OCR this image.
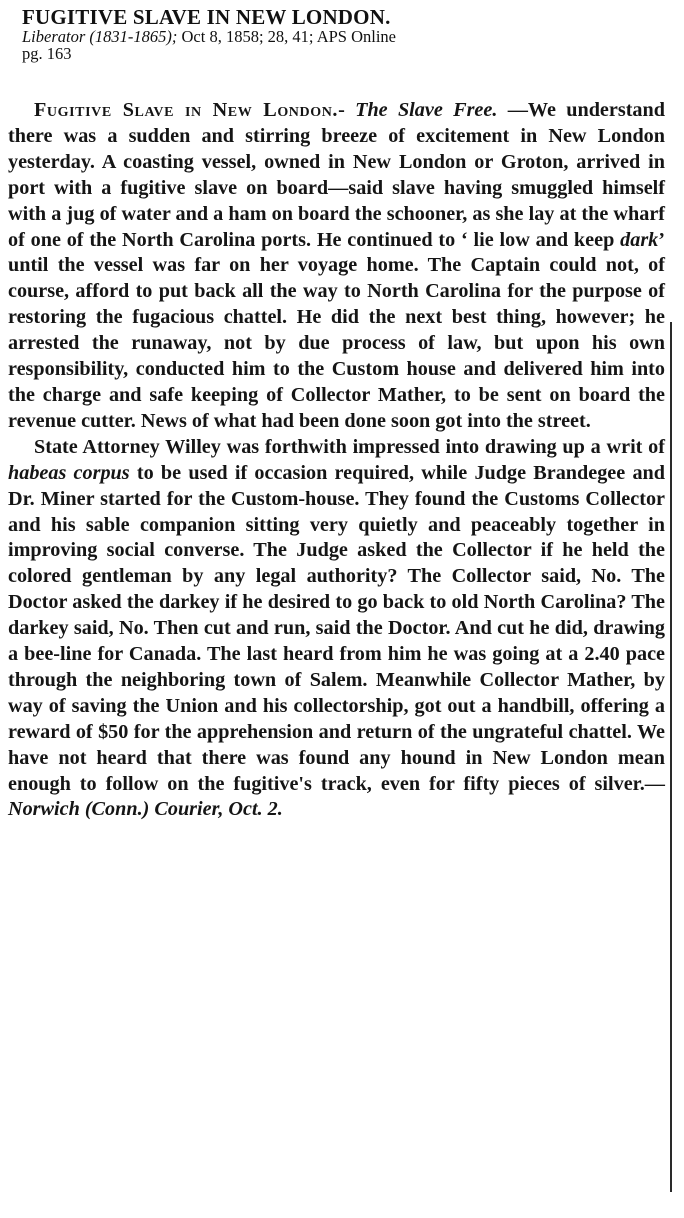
FUGITIVE SLAVE IN NEW LONDON.

Liberator (1831-1865); Oct 8, 1858; 28, 41; APS Online

pg. 163

Fugitive Slave in New London.- The Slave Free. —We understand there was a sudden and stirring breeze of excitement in New London yesterday. A coasting vessel, owned in New London or Groton, arrived in port with a fugitive slave on board—said slave having smuggled himself with a jug of water and a ham on board the schooner, as she lay at the wharf of one of the North Carolina ports. He continued to ‘ lie low and keep dark’ until the vessel was far on her voyage home. The Captain could not, of course, afford to put back all the way to North Carolina for the purpose of restoring the fugacious chattel. He did the next best thing, however; he arrested the runaway, not by due process of law, but upon his own responsibility, conducted him to the Custom house and delivered him into the charge and safe keeping of Collector Mather, to be sent on board the revenue cutter. News of what had been done soon got into the street.

State Attorney Willey was forthwith impressed into drawing up a writ of habeas corpus to be used if occasion required, while Judge Brandegee and Dr. Miner started for the Custom-house. They found the Customs Collector and his sable companion sitting very quietly and peaceably together in improving social converse. The Judge asked the Collector if he held the colored gentleman by any legal authority? The Collector said, No. The Doctor asked the darkey if he desired to go back to old North Carolina? The darkey said, No. Then cut and run, said the Doctor. And cut he did, drawing a bee-line for Canada. The last heard from him he was going at a 2.40 pace through the neighboring town of Salem. Meanwhile Collector Mather, by way of saving the Union and his collectorship, got out a handbill, offering a reward of $50 for the apprehension and return of the ungrateful chattel. We have not heard that there was found any hound in New London mean enough to follow on the fugitive's track, even for fifty pieces of silver.— Norwich (Conn.) Courier, Oct. 2.
